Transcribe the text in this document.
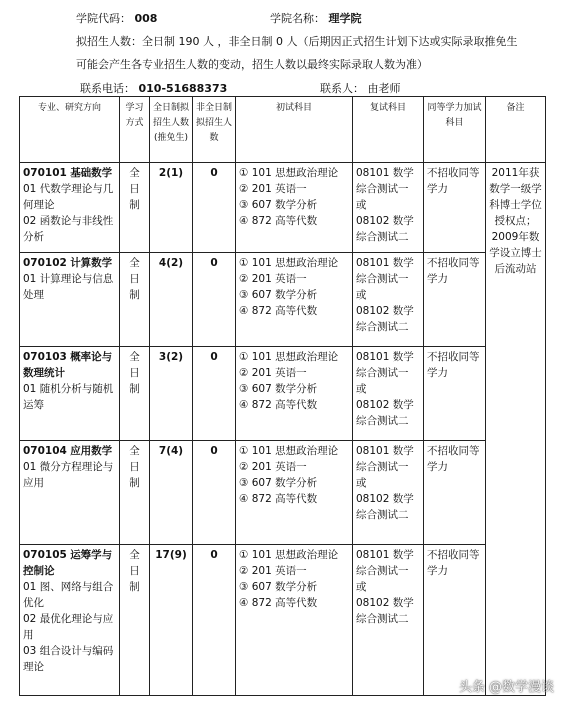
学院代码： 008	学院名称： 理学院
拟招生人数：全日制 190 人 ，非全日制 0 人（后期因正式招生计划下达或实际录取推免生
可能会产生各专业招生人数的变动，招生人数以最终实际录取人数为准）
联系电话： 010-51688373	联系人： 由老师
专业、研究方向	学习方式	全日制拟招生人数(推免生)	非全日制拟招生人数	初试科目	复试科目	同等学力加试科目	备注
070101 基础数学
01 代数学理论与几何理论
02 函数论与非线性分析	全日制	2(1)	0	① 101 思想政治理论
② 201 英语一
③ 607 数学分析
④ 872 高等代数	08101 数学综合测试一
或
08102 数学综合测试二	不招收同等学力	2011年获数学一级学科博士学位授权点；2009年数学设立博士后流动站
070102 计算数学
01 计算理论与信息处理	全日制	4(2)	0	① 101 思想政治理论
② 201 英语一
③ 607 数学分析
④ 872 高等代数	08101 数学综合测试一
或
08102 数学综合测试二	不招收同等学力	
070103 概率论与数理统计
01 随机分析与随机运筹	全日制	3(2)	0	① 101 思想政治理论
② 201 英语一
③ 607 数学分析
④ 872 高等代数	08101 数学综合测试一
或
08102 数学综合测试二	不招收同等学力	
070104 应用数学
01 微分方程理论与应用	全日制	7(4)	0	① 101 思想政治理论
② 201 英语一
③ 607 数学分析
④ 872 高等代数	08101 数学综合测试一
或
08102 数学综合测试二	不招收同等学力	
070105 运筹学与控制论
01 图、网络与组合优化
02 最优化理论与应用
03 组合设计与编码理论	全日制	17(9)	0	① 101 思想政治理论
② 201 英语一
③ 607 数学分析
④ 872 高等代数	08101 数学综合测试一
或
08102 数学综合测试二	不招收同等学力	
头条 @数学漫谈
